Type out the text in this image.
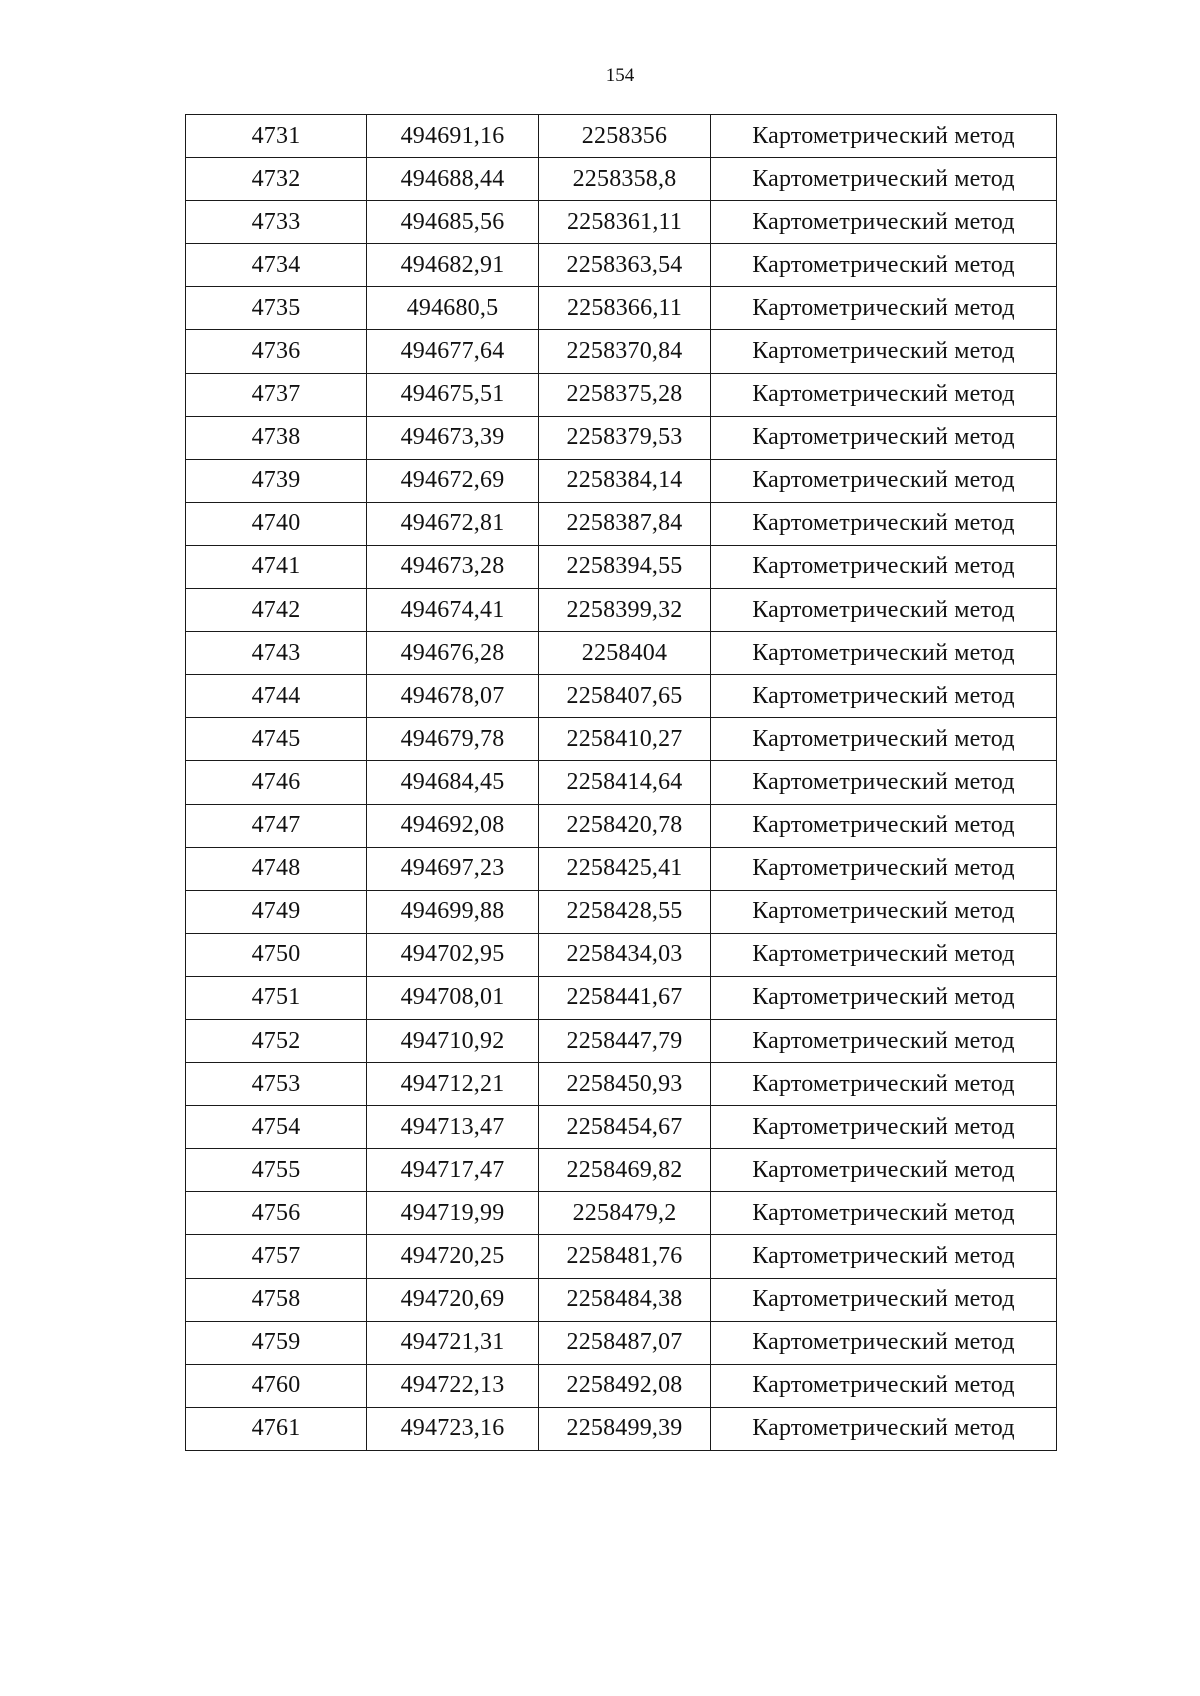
154
4731	494691,16	2258356	Картометрический метод
4732	494688,44	2258358,8	Картометрический метод
4733	494685,56	2258361,11	Картометрический метод
4734	494682,91	2258363,54	Картометрический метод
4735	494680,5	2258366,11	Картометрический метод
4736	494677,64	2258370,84	Картометрический метод
4737	494675,51	2258375,28	Картометрический метод
4738	494673,39	2258379,53	Картометрический метод
4739	494672,69	2258384,14	Картометрический метод
4740	494672,81	2258387,84	Картометрический метод
4741	494673,28	2258394,55	Картометрический метод
4742	494674,41	2258399,32	Картометрический метод
4743	494676,28	2258404	Картометрический метод
4744	494678,07	2258407,65	Картометрический метод
4745	494679,78	2258410,27	Картометрический метод
4746	494684,45	2258414,64	Картометрический метод
4747	494692,08	2258420,78	Картометрический метод
4748	494697,23	2258425,41	Картометрический метод
4749	494699,88	2258428,55	Картометрический метод
4750	494702,95	2258434,03	Картометрический метод
4751	494708,01	2258441,67	Картометрический метод
4752	494710,92	2258447,79	Картометрический метод
4753	494712,21	2258450,93	Картометрический метод
4754	494713,47	2258454,67	Картометрический метод
4755	494717,47	2258469,82	Картометрический метод
4756	494719,99	2258479,2	Картометрический метод
4757	494720,25	2258481,76	Картометрический метод
4758	494720,69	2258484,38	Картометрический метод
4759	494721,31	2258487,07	Картометрический метод
4760	494722,13	2258492,08	Картометрический метод
4761	494723,16	2258499,39	Картометрический метод
